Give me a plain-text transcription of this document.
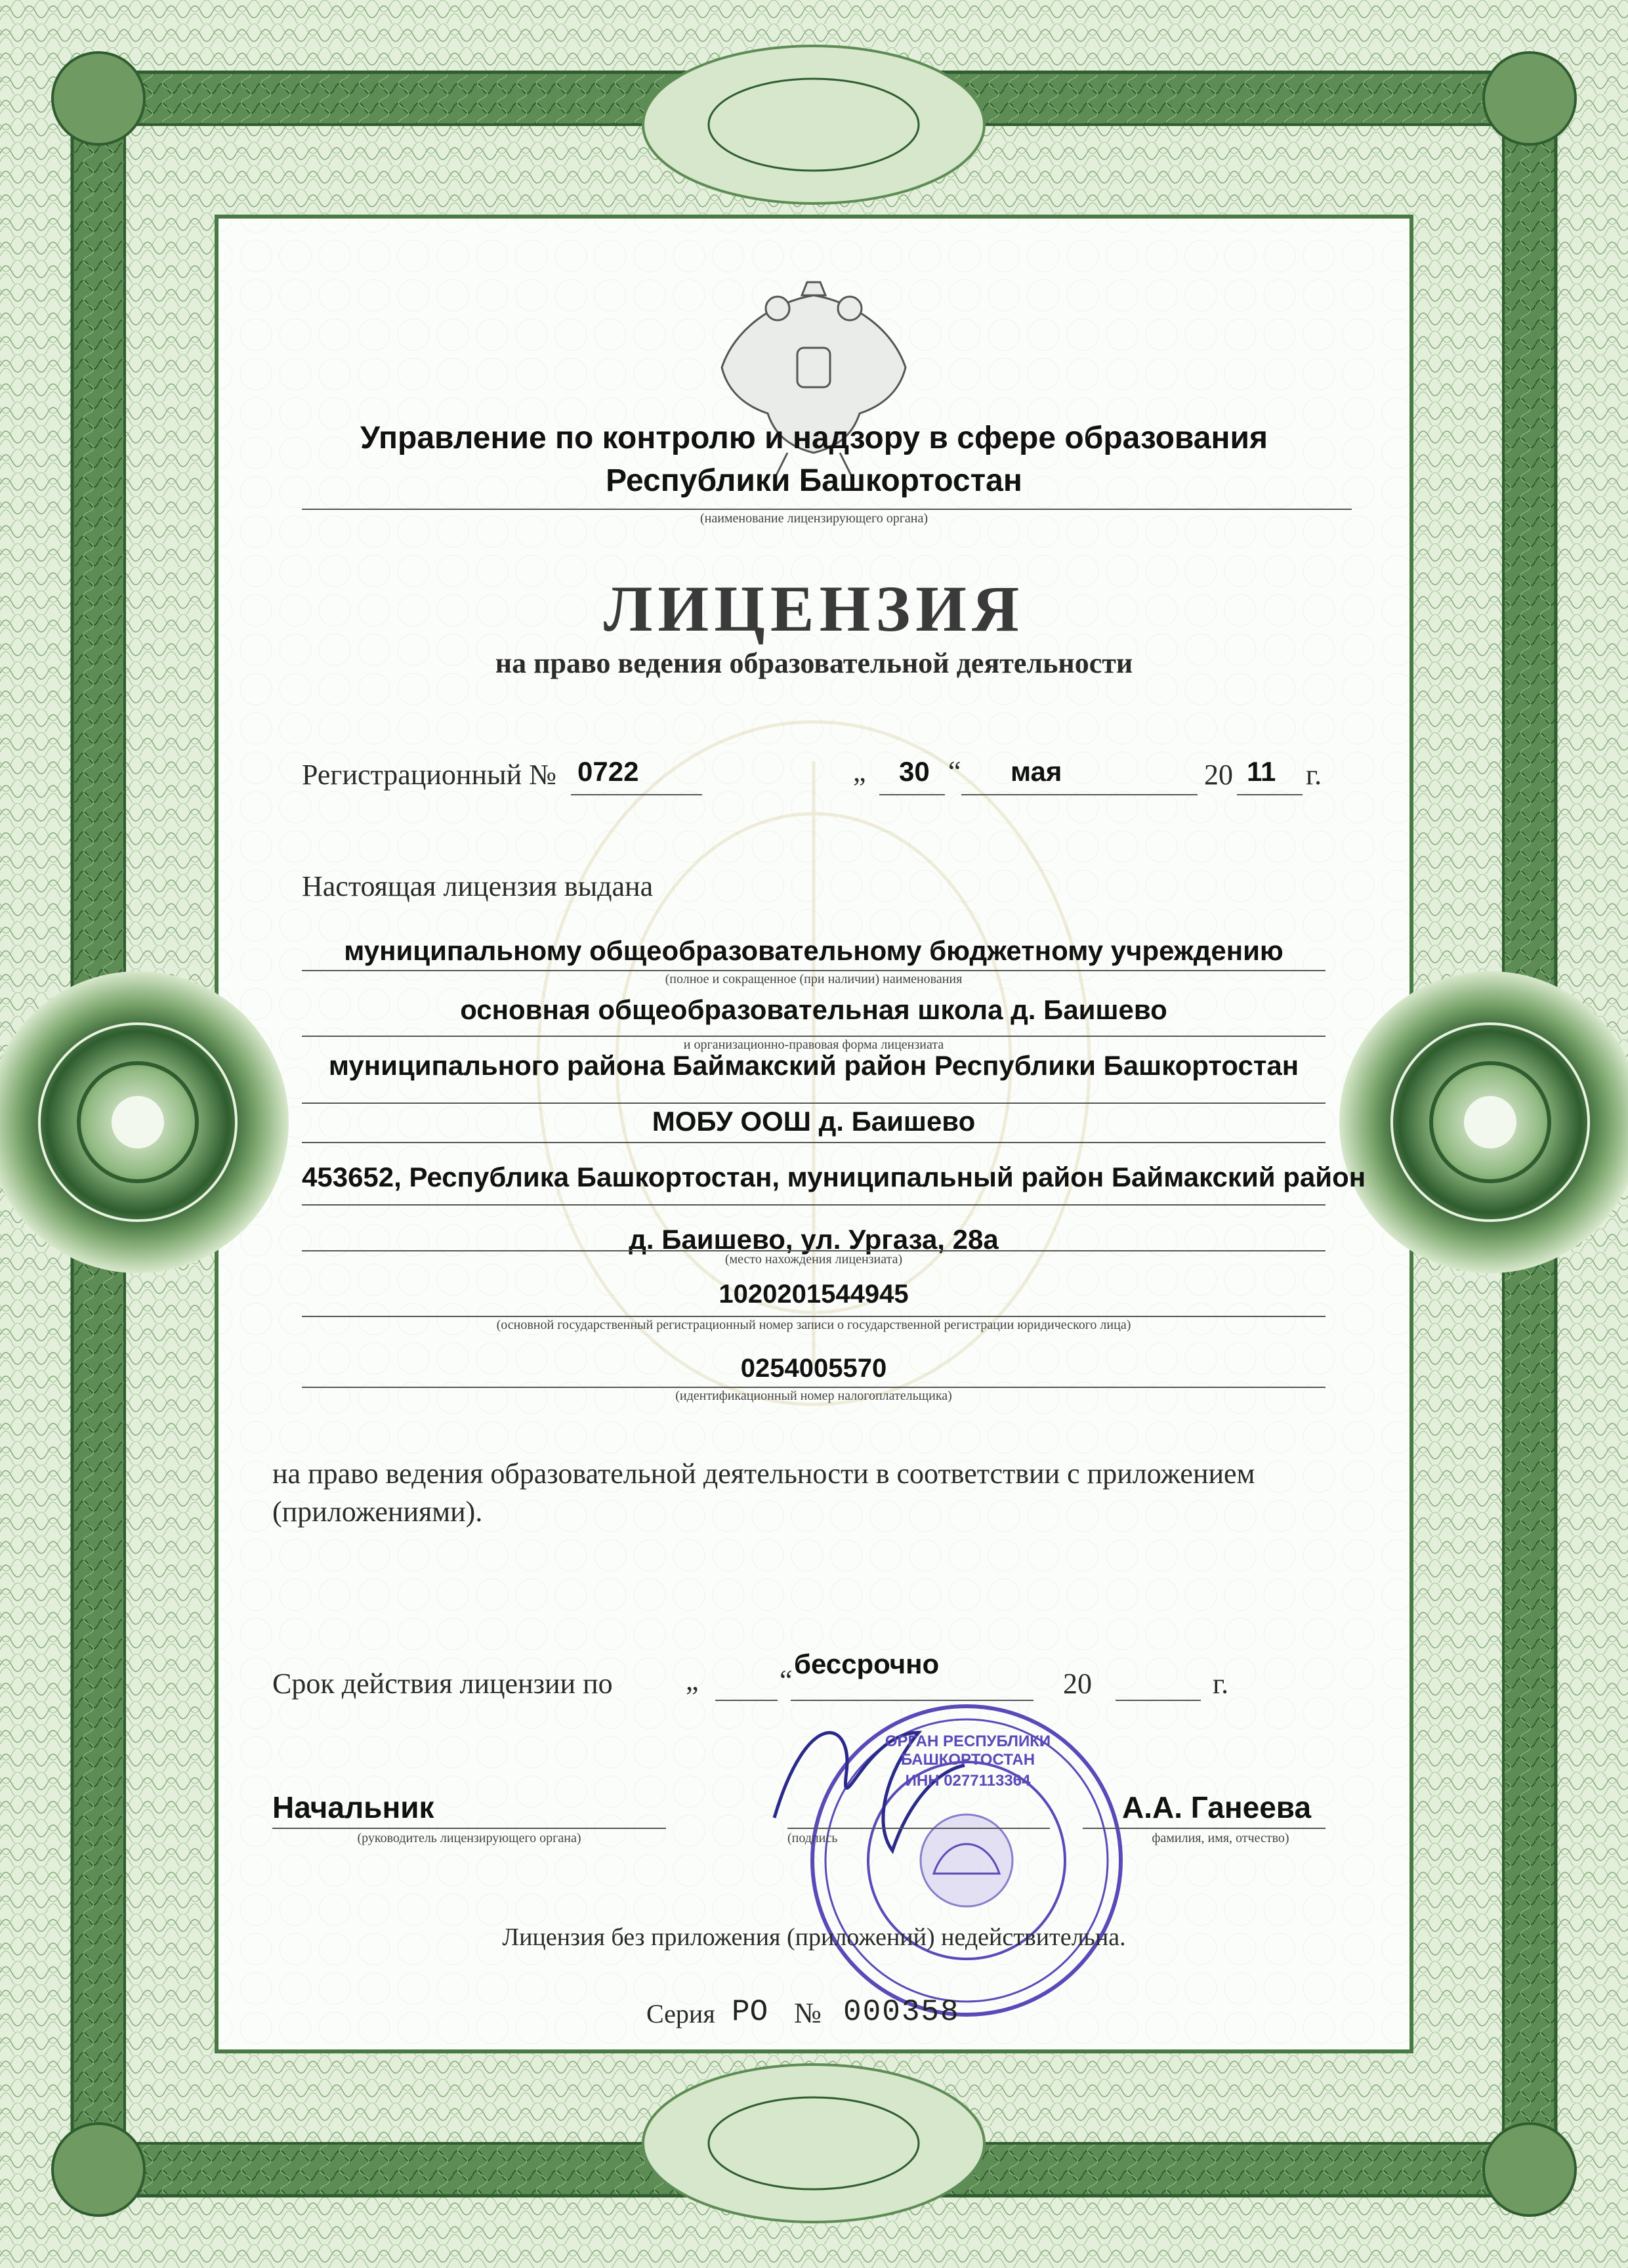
Управление по контролю и надзору в сфере образования
Республики Башкортостан
(наименование лицензирующего органа)
ЛИЦЕНЗИЯ
на право ведения образовательной деятельности
Регистрационный № 0722	„ 30 “ мая	20 11 г.
Настоящая лицензия выдана
муниципальному общеобразовательному бюджетному учреждению
(полное и сокращенное (при наличии) наименования
основная общеобразовательная школа д. Баишево
и организационно-правовая форма лицензиата
муниципального района Баймакский район Республики Башкортостан
МОБУ ООШ д. Баишево
453652, Республика Башкортостан, муниципальный район Баймакский район
д. Баишево, ул. Ургаза, 28а
(место нахождения лицензиата)
1020201544945
(основной государственный регистрационный номер записи о государственной регистрации юридического лица)
0254005570
(идентификационный номер налогоплательщика)
на право ведения образовательной деятельности в соответствии с приложением
(приложениями).
Срок действия лицензии по	„	“
бессрочно
20	г.
Начальник
(руководитель лицензирующего органа)	(подпись
А.А. Ганеева
фамилия, имя, отчество)
ОРГАН РЕСПУБЛИКИ БАШКОРТОСТАН
ИНН 0277113364
Лицензия без приложения (приложений) недействительна.
Серия РО № 000358
